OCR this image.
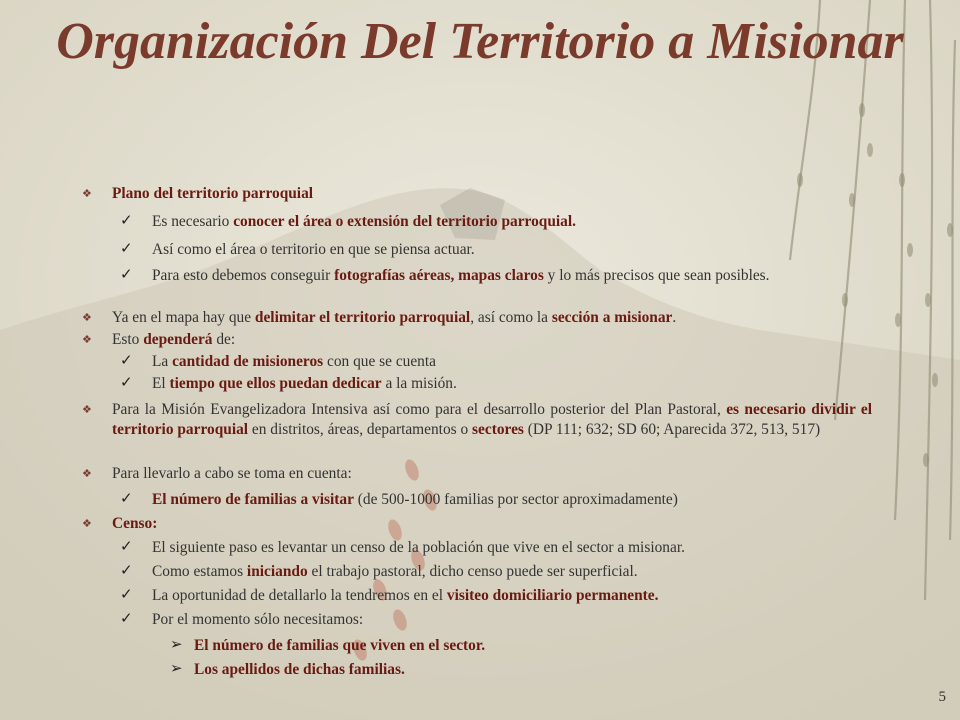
Organización Del Territorio a Misionar
❖ Plano del territorio parroquial
✓ Es necesario conocer el área o extensión del territorio parroquial.
✓ Así como el área o territorio en que se piensa actuar.
✓ Para esto debemos conseguir fotografías aéreas, mapas claros y lo más precisos que sean posibles.
❖ Ya en el mapa hay que delimitar el territorio parroquial, así como la sección a misionar.
❖ Esto dependerá de:
✓ La cantidad de misioneros con que se cuenta
✓ El tiempo que ellos puedan dedicar a la misión.
❖ Para la Misión Evangelizadora Intensiva así como para el desarrollo posterior del Plan Pastoral, es necesario dividir el territorio parroquial en distritos, áreas, departamentos o sectores (DP 111; 632; SD 60; Aparecida 372, 513, 517)
❖ Para llevarlo a cabo se toma en cuenta:
✓ El número de familias a visitar (de 500-1000 familias por sector aproximadamente)
❖ Censo:
✓ El siguiente paso es levantar un censo de la población que vive en el sector a misionar.
✓ Como estamos iniciando el trabajo pastoral, dicho censo puede ser superficial.
✓ La oportunidad de detallarlo la tendremos en el visiteo domiciliario permanente.
✓ Por el momento sólo necesitamos:
➢ El número de familias que viven en el sector.
➢ Los apellidos de dichas familias.
5
